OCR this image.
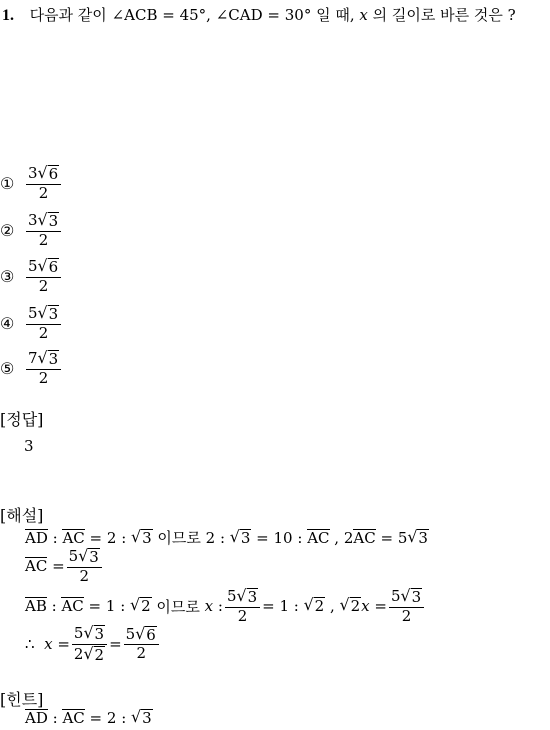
1. 다음과 같이 ∠ACB = 45°, ∠CAD = 30° 일 때, x 의 길이로 바른 것은 ?
① $\frac{3 √ 6}{2}$
② $\frac{3 √ 3}{2}$
③ $\frac{5 √ 6}{2}$
④ $\frac{5 √ 3}{2}$
⑤ $\frac{7 √ 3}{2}$
[정답]
3
[해설]
AD : AC
= 2 :
√ 3
이므로 2 :
√ 3
= 10 :
AC
, 2 AC
= 5 √ 3
AC
= $\frac{5 √ 3}{2}$
AB : AC
= 1 :
√ 2
이므로
x
: $\frac{5 √ 3}{2} = 1$ :
√ 2
,
√ 2 x
= $\frac{5 √ 3}{2}$
∴
x
= $\frac{5 √ 3}{2 √ 2} = \frac{5 √ 6}{2}$
[힌트]
AD : AC
= 2 :
√ 3
